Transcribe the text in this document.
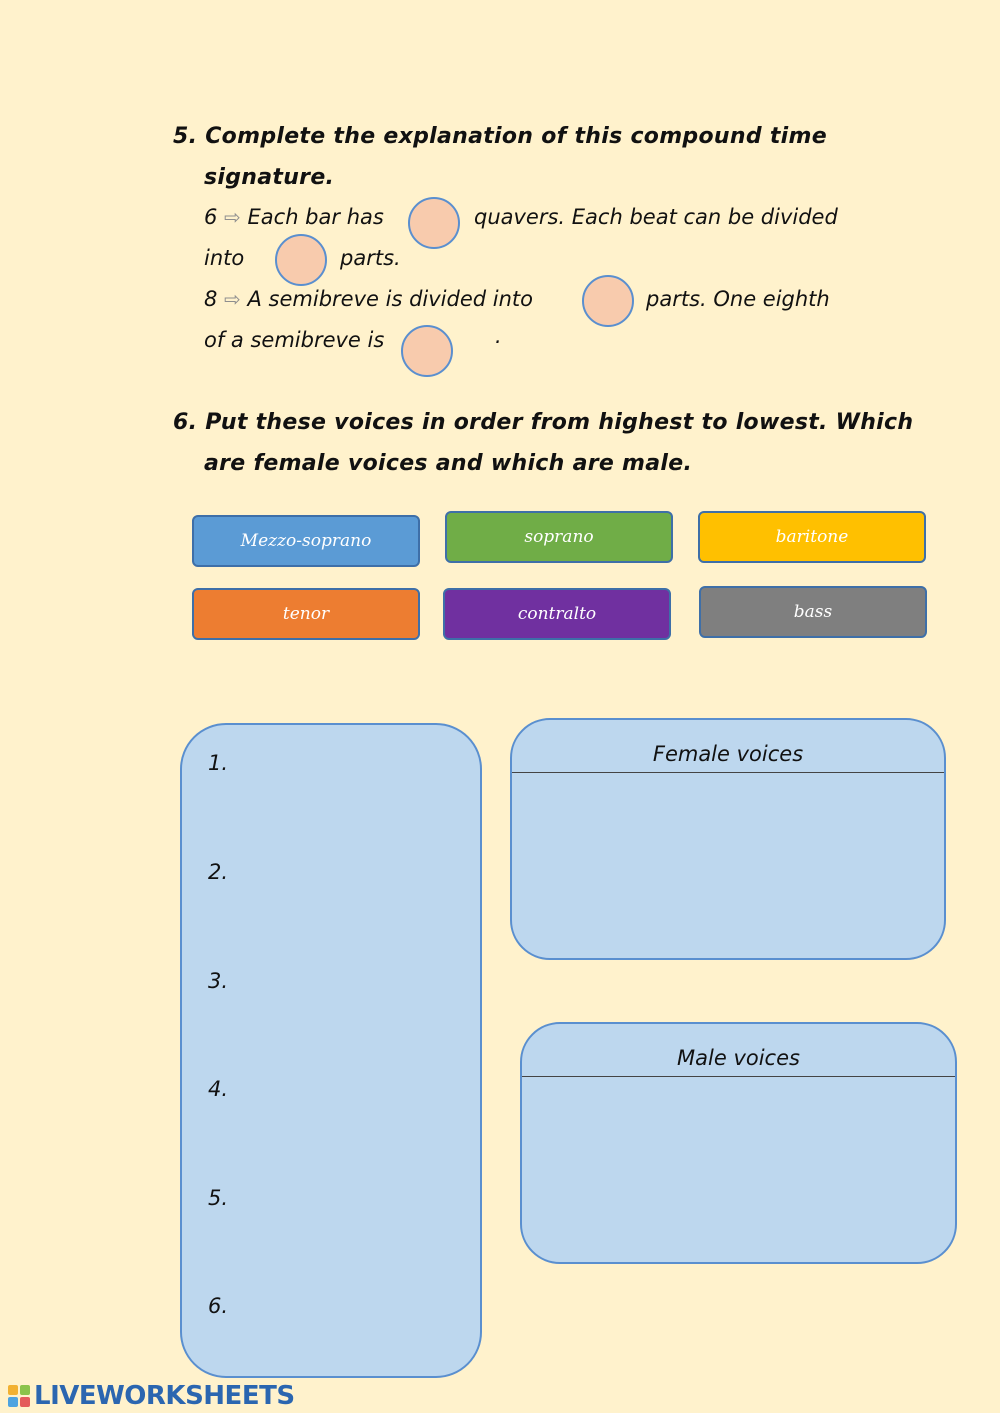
5. Complete the explanation of this compound time
signature.
6 ⇨ Each bar has	quavers. Each beat can be divided
into	parts.
8 ⇨ A semibreve is divided into	parts. One eighth
of a semibreve is	.
6. Put these voices in order from highest to lowest. Which
are female voices and which are male.
Mezzo-soprano	soprano	baritone
tenor	contralto	bass
1.
2.
3.
4.
5.
6.
Female voices
Male voices
LIVEWORKSHEETS
